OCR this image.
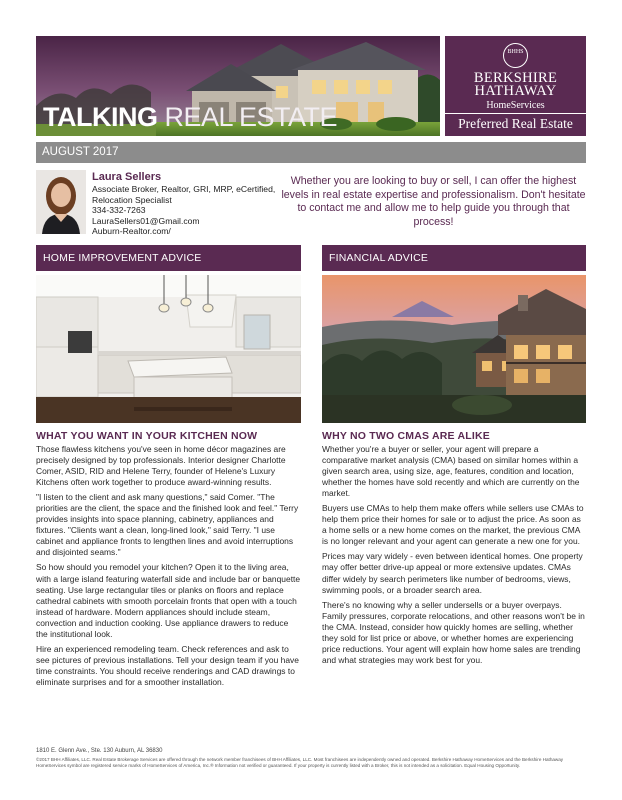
TALKING REAL ESTATE
BHHS
BERKSHIRE
HATHAWAY
HomeServices
Preferred Real Estate
AUGUST 2017
Laura Sellers
Associate Broker, Realtor, GRI, MRP, eCertified, Relocation Specialist
334-332-7263
LauraSellers01@Gmail.com
Auburn-Realtor.com/
Whether you are looking to buy or sell, I can offer the highest levels in real estate expertise and professionalism. Don't hesitate to contact me and allow me to help guide you through that process!
HOME IMPROVEMENT ADVICE	FINANCIAL ADVICE
WHAT YOU WANT IN YOUR KITCHEN NOW	WHY NO TWO CMAS ARE ALIKE

Those flawless kitchens you've seen in home décor magazines are precisely designed by top professionals. Interior designer Charlotte Comer, ASID, RID and Helene Terry, founder of Helene's Luxury Kitchens often work together to produce award-winning results.

"I listen to the client and ask many questions," said Comer. "The priorities are the client, the space and the finished look and feel." Terry provides insights into space planning, cabinetry, appliances and fixtures. "Clients want a clean, long-lined look," said Terry. "I use cabinet and appliance fronts to lengthen lines and avoid interruptions and disjointed seams."

So how should you remodel your kitchen? Open it to the living area, with a large island featuring waterfall side and include bar or banquette seating. Use large rectangular tiles or planks on floors and replace cathedral cabinets with smooth porcelain fronts that open with a touch instead of hardware. Modern appliances should include steam, convection and induction cooking. Use appliance drawers to reduce the institutional look.

Hire an experienced remodeling team. Check references and ask to see pictures of previous installations. Tell your design team if you have time constraints. You should receive renderings and CAD drawings to eliminate surprises and for a smoother installation.

Whether you're a buyer or seller, your agent will prepare a comparative market analysis (CMA) based on similar homes within a given search area, using size, age, features, condition and location, whether the homes have sold recently and which are currently on the market.

Buyers use CMAs to help them make offers while sellers use CMAs to help them price their homes for sale or to adjust the price. As soon as a home sells or a new home comes on the market, the previous CMA is no longer relevant and your agent can generate a new one for you.

Prices may vary widely - even between identical homes. One property may offer better drive-up appeal or more extensive updates. CMAs differ widely by search perimeters like number of bedrooms, views, swimming pools, or a broader search area.

There's no knowing why a seller undersells or a buyer overpays. Family pressures, corporate relocations, and other reasons won't be in the CMA. Instead, consider how quickly homes are selling, whether they sold for list price or above, or whether homes are experiencing price reductions. Your agent will explain how home sales are trending and what strategies may work best for you.

1810 E. Glenn Ave., Ste. 130 Auburn, AL 36830
©2017 BHH Affiliates, LLC. Real Estate Brokerage Services are offered through the network member franchisees of BHH Affiliates, LLC. Most franchisees are independently owned and operated. Berkshire Hathaway HomeServices and the Berkshire Hathaway HomeServices symbol are registered service marks of HomeServices of America, Inc.® Information not verified or guaranteed. If your property is currently listed with a Broker, this is not intended as a solicitation. Equal Housing Opportunity.
